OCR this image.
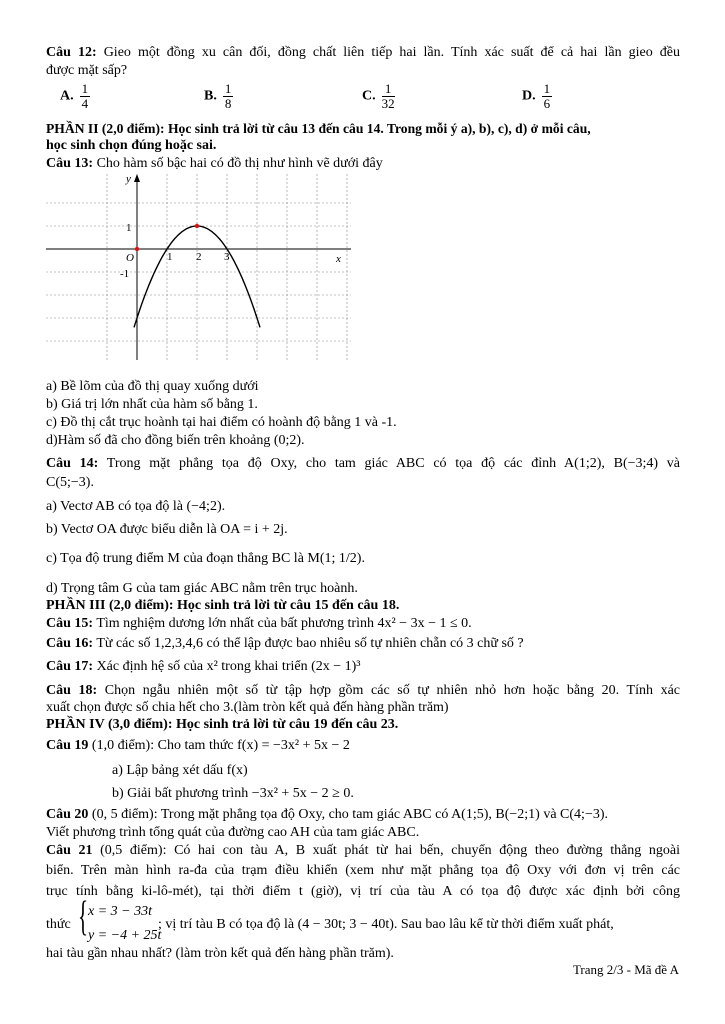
Câu 12: Gieo một đồng xu cân đối, đồng chất liên tiếp hai lần. Tính xác suất để cả hai lần gieo đều
được mặt sấp?
A. $\frac{1}{4}$	B. $\frac{1}{8}$	C. $\frac{1}{32}$	D. $\frac{1}{6}$
PHẦN II (2,0 điểm): Học sinh trả lời từ câu 13 đến câu 14. Trong mỗi ý a), b), c), d) ở mỗi câu,
học sinh chọn đúng hoặc sai.
Câu 13: Cho hàm số bậc hai có đồ thị như hình vẽ dưới đây
y
x
O	1 2 3
1
-1
a) Bề lõm của đồ thị quay xuống dưới
b) Giá trị lớn nhất của hàm số bằng 1.
c) Đồ thị cắt trục hoành tại hai điểm có hoành độ bằng 1 và -1.
d)Hàm số đã cho đồng biến trên khoảng (0;2).
Câu 14: Trong mặt phẳng tọa độ Oxy, cho tam giác ABC có tọa độ các đỉnh A(1;2), B(−3;4) và
C(5;−3).
a) Vectơ AB có tọa độ là (−4;2).
b) Vectơ OA được biểu diễn là OA = i + 2j.
c) Tọa độ trung điểm M của đoạn thẳng BC là M(1; 1/2).
d) Trọng tâm G của tam giác ABC nằm trên trục hoành.
PHẦN III (2,0 điểm): Học sinh trả lời từ câu 15 đến câu 18.
Câu 15: Tìm nghiệm dương lớn nhất của bất phương trình 4x² − 3x − 1 ≤ 0.
Câu 16: Từ các số 1,2,3,4,6 có thể lập được bao nhiêu số tự nhiên chẵn có 3 chữ số ?
Câu 17: Xác định hệ số của x² trong khai triển (2x − 1)³
Câu 18: Chọn ngẫu nhiên một số từ tập hợp gồm các số tự nhiên nhỏ hơn hoặc bằng 20. Tính xác
xuất chọn được số chia hết cho 3.(làm tròn kết quả đến hàng phần trăm)
PHẦN IV (3,0 điểm): Học sinh trả lời từ câu 19 đến câu 23.
Câu 19 (1,0 điểm): Cho tam thức f(x) = −3x² + 5x − 2
a) Lập bảng xét dấu f(x)
b) Giải bất phương trình −3x² + 5x − 2 ≥ 0.
Câu 20 (0, 5 điểm): Trong mặt phẳng tọa độ Oxy, cho tam giác ABC có A(1;5), B(−2;1) và C(4;−3).
Viết phương trình tổng quát của đường cao AH của tam giác ABC.
Câu 21 (0,5 điểm): Có hai con tàu A, B xuất phát từ hai bến, chuyển động theo đường thẳng ngoài
biển. Trên màn hình ra-đa của trạm điều khiển (xem như mặt phẳng tọa độ Oxy với đơn vị trên các
trục tính bằng ki-lô-mét), tại thời điểm t (giờ), vị trí của tàu A có tọa độ được xác định bởi công
thức { x = 3 − 33t
y = −4 + 25t
; vị trí tàu B có tọa độ là (4 − 30t; 3 − 40t). Sau bao lâu kể từ thời điểm xuất phát,
hai tàu gần nhau nhất? (làm tròn kết quả đến hàng phần trăm).
Trang 2/3 - Mã đề A
